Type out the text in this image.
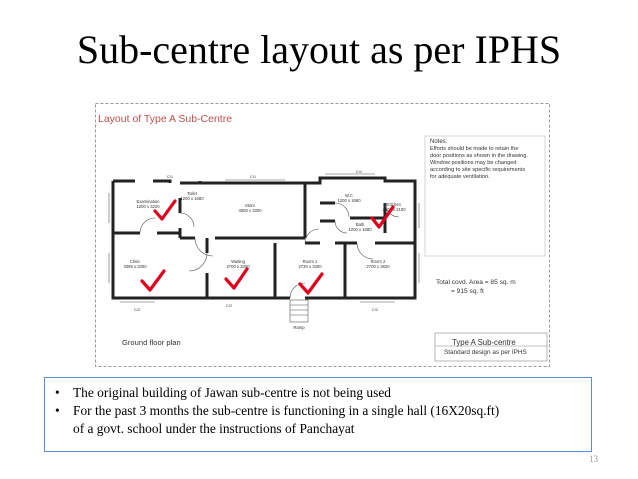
Sub-centre layout as per IPHS
Examination
1200 x 3220
Toilet
1200 x 1680
Store
4050 x 3300
Clinic
3395 x 3300
Waiting
2700 x 3300
Room 1
2730 x 3300
Room 2
2700 x 3820
W.C
1200 x 1680
Bath
1200 x 1680
Kitchen
2000 x 2100
Ramp
C/1	C/1
C/1
C/2
C/2
C/2
Layout of Type A Sub-Centre
Notes:
Efforts should be made to retain the
door positions as shown in the drawing.
Window positions may be changed
according to site specific requirements
for adequate ventilation.
Total covd. Area = 85 sq. m
= 915 sq. ft
Ground floor plan	Type A Sub-centre
Standard design as per IPHS
• The original building of Jawan sub-centre is not being used
• For the past 3 months the sub-centre is functioning in a single hall (16X20sq.ft)
of a govt. school under the instructions of Panchayat
13
